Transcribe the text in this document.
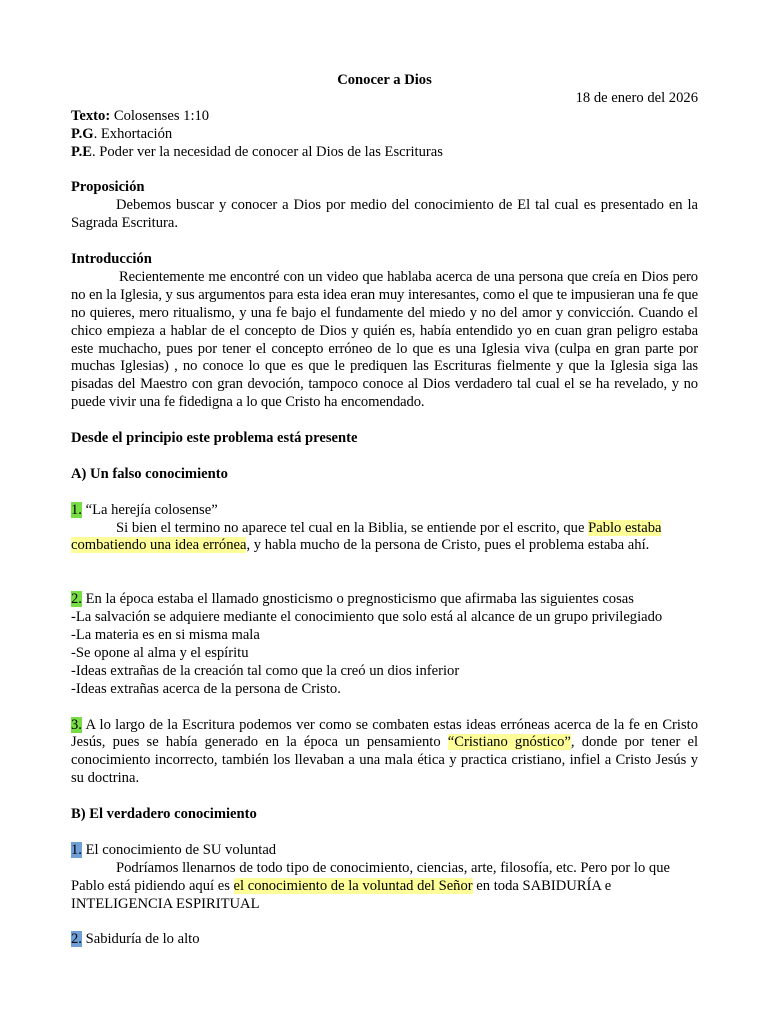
Conocer a Dios

18 de enero del 2026

Texto: Colosenses 1:10

P.G. Exhortación

P.E. Poder ver la necesidad de conocer al Dios de las Escrituras

Proposición

Debemos buscar y conocer a Dios por medio del conocimiento de El tal cual es presentado en la Sagrada Escritura.

Introducción

Recientemente me encontré con un video que hablaba acerca de una persona que creía en Dios pero no en la Iglesia, y sus argumentos para esta idea eran muy interesantes, como el que te impusieran una fe que no quieres, mero ritualismo, y una fe bajo el fundamente del miedo y no del amor y convicción. Cuando el chico empieza a hablar de el concepto de Dios y quién es, había entendido yo en cuan gran peligro estaba este muchacho, pues por tener el concepto erróneo de lo que es una Iglesia viva (culpa en gran parte por muchas Iglesias) , no conoce lo que es que le prediquen las Escrituras fielmente y que la Iglesia siga las pisadas del Maestro con gran devoción, tampoco conoce al Dios verdadero tal cual el se ha revelado, y no puede vivir una fe fidedigna a lo que Cristo ha encomendado.

Desde el principio este problema está presente

A) Un falso conocimiento

1. “La herejía colosense”

Si bien el termino no aparece tel cual en la Biblia, se entiende por el escrito, que Pablo estaba combatiendo una idea errónea, y habla mucho de la persona de Cristo, pues el problema estaba ahí.

2. En la época estaba el llamado gnosticismo o pregnosticismo que afirmaba las siguientes cosas

-La salvación se adquiere mediante el conocimiento que solo está al alcance de un grupo privilegiado

-La materia es en si misma mala

-Se opone al alma y el espíritu

-Ideas extrañas de la creación tal como que la creó un dios inferior

-Ideas extrañas acerca de la persona de Cristo.

3. A lo largo de la Escritura podemos ver como se combaten estas ideas erróneas acerca de la fe en Cristo Jesús, pues se había generado en la época un pensamiento “Cristiano gnóstico”, donde por tener el conocimiento incorrecto, también los llevaban a una mala ética y practica cristiano, infiel a Cristo Jesús y su doctrina.

B) El verdadero conocimiento

1. El conocimiento de SU voluntad

Podríamos llenarnos de todo tipo de conocimiento, ciencias, arte, filosofía, etc. Pero por lo que Pablo está pidiendo aquí es el conocimiento de la voluntad del Señor en toda SABIDURÍA e INTELIGENCIA ESPIRITUAL

2. Sabiduría de lo alto
